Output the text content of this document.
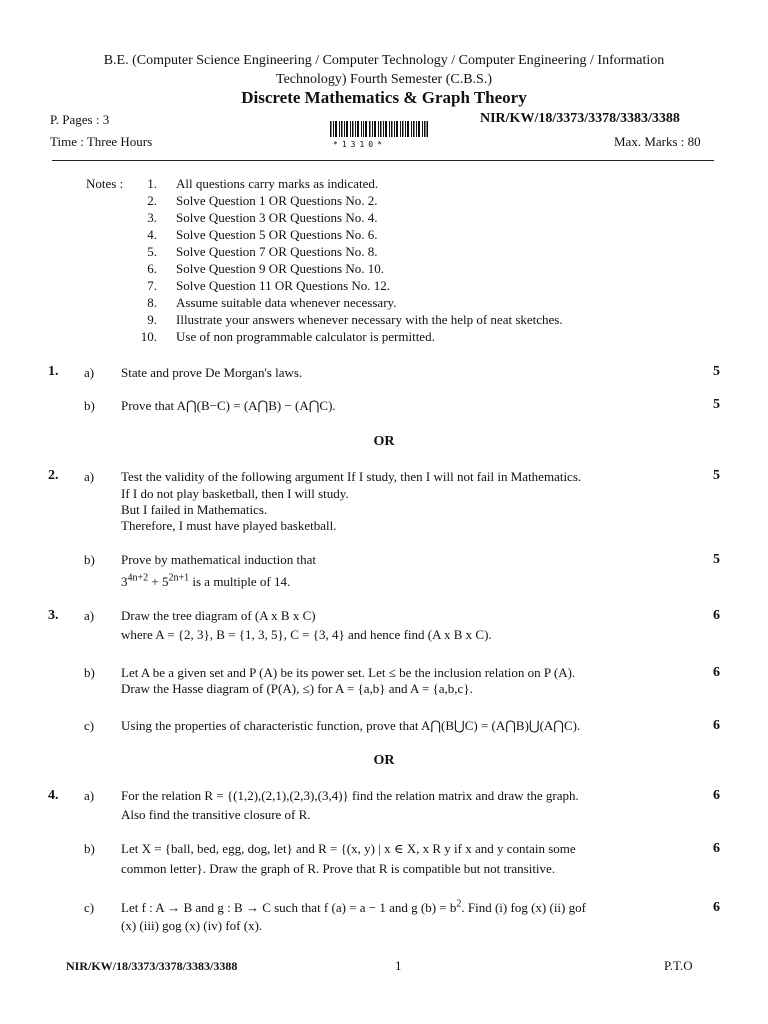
B.E. (Computer Science Engineering / Computer Technology / Computer Engineering / Information
Technology) Fourth Semester (C.B.S.)
Discrete Mathematics & Graph Theory
P. Pages : 3	NIR/KW/18/3373/3378/3383/3388
Time : Three Hours	Max. Marks : 80
*1310*
Notes :	1. All questions carry marks as indicated.
2. Solve Question 1 OR Questions No. 2.
3. Solve Question 3 OR Questions No. 4.
4. Solve Question 5 OR Questions No. 6.
5. Solve Question 7 OR Questions No. 8.
6. Solve Question 9 OR Questions No. 10.
7. Solve Question 11 OR Questions No. 12.
8. Assume suitable data whenever necessary.
9. Illustrate your answers whenever necessary with the help of neat sketches.
10. Use of non programmable calculator is permitted.
1. a) State and prove De Morgan's laws.	5
b) Prove that A⋂(B−C) = (A⋂B) − (A⋂C).	5
OR
2. a) Test the validity of the following argument If I study, then I will not fail in Mathematics.
If I do not play basketball, then I will study.
But I failed in Mathematics.
Therefore, I must have played basketball.
5
b) Prove by mathematical induction that
$3^{4n+2} + 5^{2n+1}$ is a multiple of 14.
5
3. a) Draw the tree diagram of (A x B x C)
where A = {2, 3}, B = {1, 3, 5}, C = {3, 4} and hence find (A x B x C).
6
b) Let A be a given set and P (A) be its power set. Let ≤ be the inclusion relation on P (A).
Draw the Hasse diagram of (P(A), ≤) for A = {a,b} and A = {a,b,c}.
6
c) Using the properties of characteristic function, prove that A⋂(B⋃C) = (A⋂B)⋃(A⋂C).	6
OR
4. a) For the relation R = {(1,2),(2,1),(2,3),(3,4)} find the relation matrix and draw the graph.
Also find the transitive closure of R.
6
b) Let X = {ball, bed, egg, dog, let} and R = {(x, y) | x ∈ X, x R y if x and y contain some
common letter}. Draw the graph of R. Prove that R is compatible but not transitive.
6
c) Let f : A → B and g : B → C such that f (a) = a − 1 and g $(b) = b^2$. Find (i) fog (x) (ii) gof
(x) (iii) gog (x) (iv) fof (x).
6
NIR/KW/18/3373/3378/3383/3388	1	P.T.O
